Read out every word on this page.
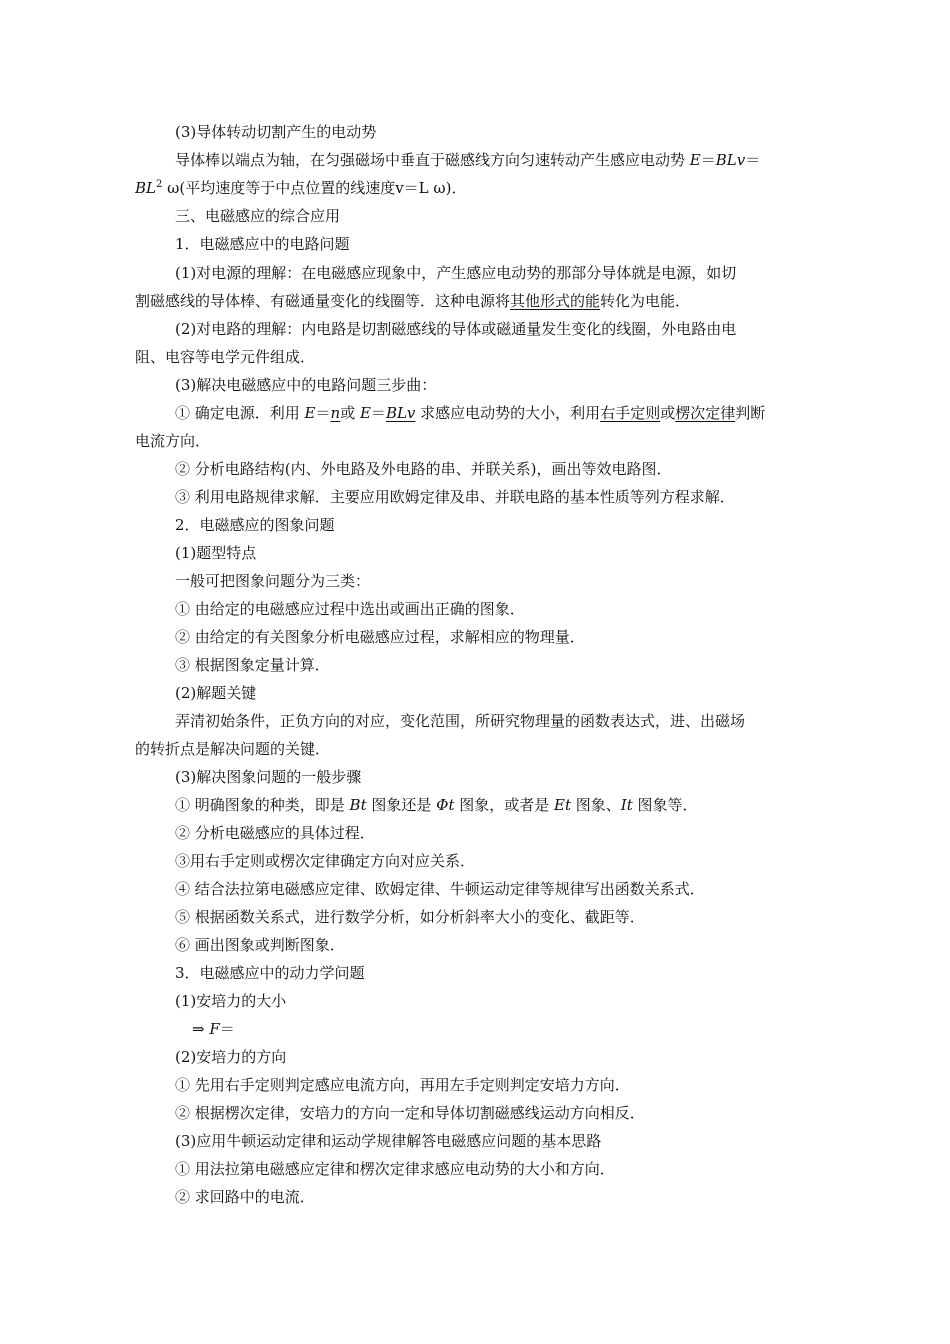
(3)导体转动切割产生的电动势
导体棒以端点为轴，在匀强磁场中垂直于磁感线方向匀速转动产生感应电动势 E＝BLv＝
$BL^2$ ω(平均速度等于中点位置的线速度v＝L ω)．
三、电磁感应的综合应用
1．电磁感应中的电路问题
(1)对电源的理解：在电磁感应现象中，产生感应电动势的那部分导体就是电源，如切
割磁感线的导体棒、有磁通量变化的线圈等．这种电源将其他形式的能转化为电能．
(2)对电路的理解：内电路是切割磁感线的导体或磁通量发生变化的线圈，外电路由电
阻、电容等电学元件组成．
(3)解决电磁感应中的电路问题三步曲：
① 确定电源．利用 E＝n或 E＝BLv 求感应电动势的大小，利用右手定则或楞次定律判断
电流方向．
② 分析电路结构(内、外电路及外电路的串、并联关系)，画出等效电路图．
③ 利用电路规律求解．主要应用欧姆定律及串、并联电路的基本性质等列方程求解．
2．电磁感应的图象问题
(1)题型特点
一般可把图象问题分为三类：
① 由给定的电磁感应过程中选出或画出正确的图象．
② 由给定的有关图象分析电磁感应过程，求解相应的物理量．
③ 根据图象定量计算．
(2)解题关键
弄清初始条件，正负方向的对应，变化范围，所研究物理量的函数表达式，进、出磁场
的转折点是解决问题的关键．
(3)解决图象问题的一般步骤
① 明确图象的种类，即是 Bt 图象还是 Φt 图象，或者是 Et 图象、It 图象等．
② 分析电磁感应的具体过程．
③用右手定则或楞次定律确定方向对应关系．
④ 结合法拉第电磁感应定律、欧姆定律、牛顿运动定律等规律写出函数关系式．
⑤ 根据函数关系式，进行数学分析，如分析斜率大小的变化、截距等．
⑥ 画出图象或判断图象．
3．电磁感应中的动力学问题
(1)安培力的大小
⇒ F＝
(2)安培力的方向
① 先用右手定则判定感应电流方向，再用左手定则判定安培力方向．
② 根据楞次定律，安培力的方向一定和导体切割磁感线运动方向相反．
(3)应用牛顿运动定律和运动学规律解答电磁感应问题的基本思路
① 用法拉第电磁感应定律和楞次定律求感应电动势的大小和方向．
② 求回路中的电流．
